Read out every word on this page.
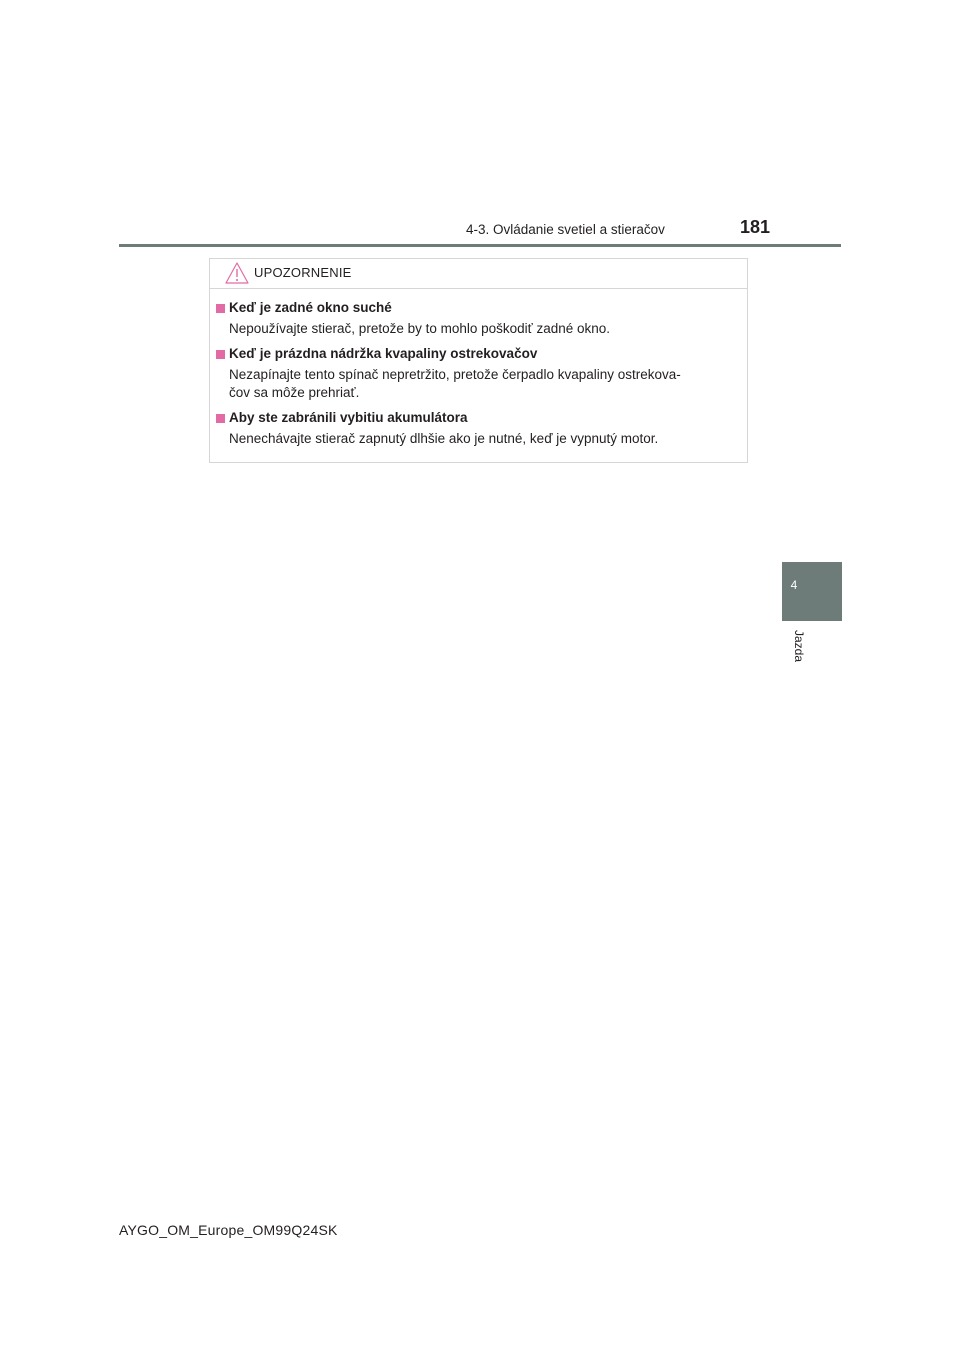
4-3. Ovládanie svetiel a stieračov	181
4
Jazda
UPOZORNENIE
Keď je zadné okno suché
Nepoužívajte stierač, pretože by to mohlo poškodiť zadné okno.
Keď je prázdna nádržka kvapaliny ostrekovačov
Nezapínajte tento spínač nepretržito, pretože čerpadlo kvapaliny ostrekova-
čov sa môže prehriať.
Aby ste zabránili vybitiu akumulátora
Nenechávajte stierač zapnutý dlhšie ako je nutné, keď je vypnutý motor.
AYGO_OM_Europe_OM99Q24SK
